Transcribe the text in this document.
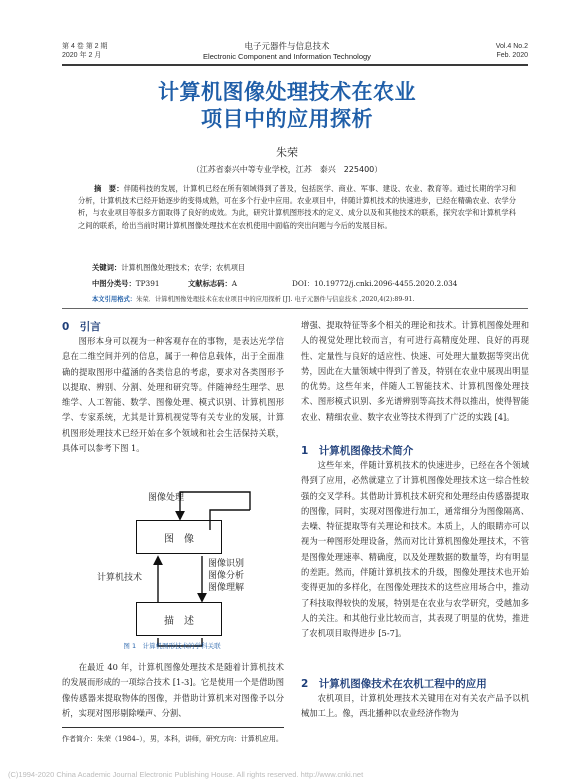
第 4 卷 第 2 期
2020 年 2 月
电子元器件与信息技术
Electronic Component and Information Technology
Vol.4 No.2
Feb. 2020
计算机图像处理技术在农业
项目中的应用探析
朱荣
（江苏省泰兴中等专业学校，江苏　泰兴　225400）
摘　要：伴随科技的发展，计算机已经在所有领域得到了普及，包括医学、商业、军事、建设、农业、教育等。通过长期的学习和分析，计算机技术已经开始逐步的变得成熟，可在多个行业中应用。农业项目中，伴随计算机技术的快速进步，已经在精确农业、农学分析，与农业项目等很多方面取得了良好的成效。为此，研究计算机图形技术的定义、成分以及和其他技术的联系，探究农学和计算机学科之间的联系，给出当前时期计算机图像处理技术在农机使用中面临的突出问题与今后的发展目标。
关键词：计算机图像处理技术；农学；农机项目
中图分类号：TP391	文献标志码：A	DOI：10.19772/j.cnki.2096-4455.2020.2.034
本文引用格式：朱荣．计算机图像处理技术在农业项目中的应用探析 [J]. 电子元器件与信息技术 ,2020,4(2):89-91.
0　引言

图形本身可以视为一种客观存在的事物，是表达光学信息在二维空间并列的信息，属于一种信息载体，出于全面准确的提取图形中蕴涵的各类信息的考虑，要求对各类图形予以提取、辨别、分割、处理和研究等。伴随神经生理学、思维学、人工智能、数学、图像处理、模式识别、计算机图形学、专家系统，尤其是计算机视觉等有关专业的发展，计算机图形处理技术已经开始在多个领域和社会生活保持关联，具体可以参考下图 1。

图像处理
图　像
描　述
计算机技术
图像识别
图像分析
图像理解
图 1　计算机图形技术的学科关联

在最近 40 年，计算机图像处理技术是随着计算机技术的发展而形成的一项综合技术 [1-3]。它是使用一个是借助图像传感器来提取物体的图像，并借助计算机来对图像予以分析，实现对图形剔除噪声、分割、

作者简介：朱荣（1984–），男，本科，讲师，研究方向：计算机应用。

增强、提取特征等多个相关的理论和技术。计算机图像处理和人的视觉处理比较而言，有可进行高精度处理、良好的再现性、定量性与良好的适应性、快速、可处理大量数据等突出优势，因此在大量领域中得到了普及，特别在农业中展现出明显的优势。这些年来，伴随人工智能技术、计算机图像处理技术、图形模式识别、多光谱辨别等高技术得以推出，使得智能农业、精细农业、数字农业等技术得到了广泛的实践 [4]。

1　计算机图像技术简介

这些年来，伴随计算机技术的快速进步，已经在各个领域得到了应用，必然就建立了计算机图像处理技术这一综合性较强的交叉学科。其借助计算机技术研究和处理经由传感器提取的图像，同时，实现对图像进行加工，通常细分为图像隔离、去噪、特征提取等有关理论和技术。本质上，人的眼睛亦可以视为一种图形处理设备，然而对比计算机图像处理技术，不管是图像处理速率、精确度，以及处理数据的数量等，均有明显的差距。然而，伴随计算机技术的升级，图像处理技术也开始变得更加的多样化，在图像处理技术的这些应用场合中，推动了科技取得较快的发展，特别是在农业与农学研究，受越加多人的关注。和其他行业比较而言，其表现了明显的优势，推进了农机项目取得进步 [5-7]。

2　计算机图像技术在农机工程中的应用

农机项目，计算机处理技术关键用在对有关农产品予以机械加工上。像，西北播种以农业经济作物为

(C)1994-2020 China Academic Journal Electronic Publishing House. All rights reserved. http://www.cnki.net
